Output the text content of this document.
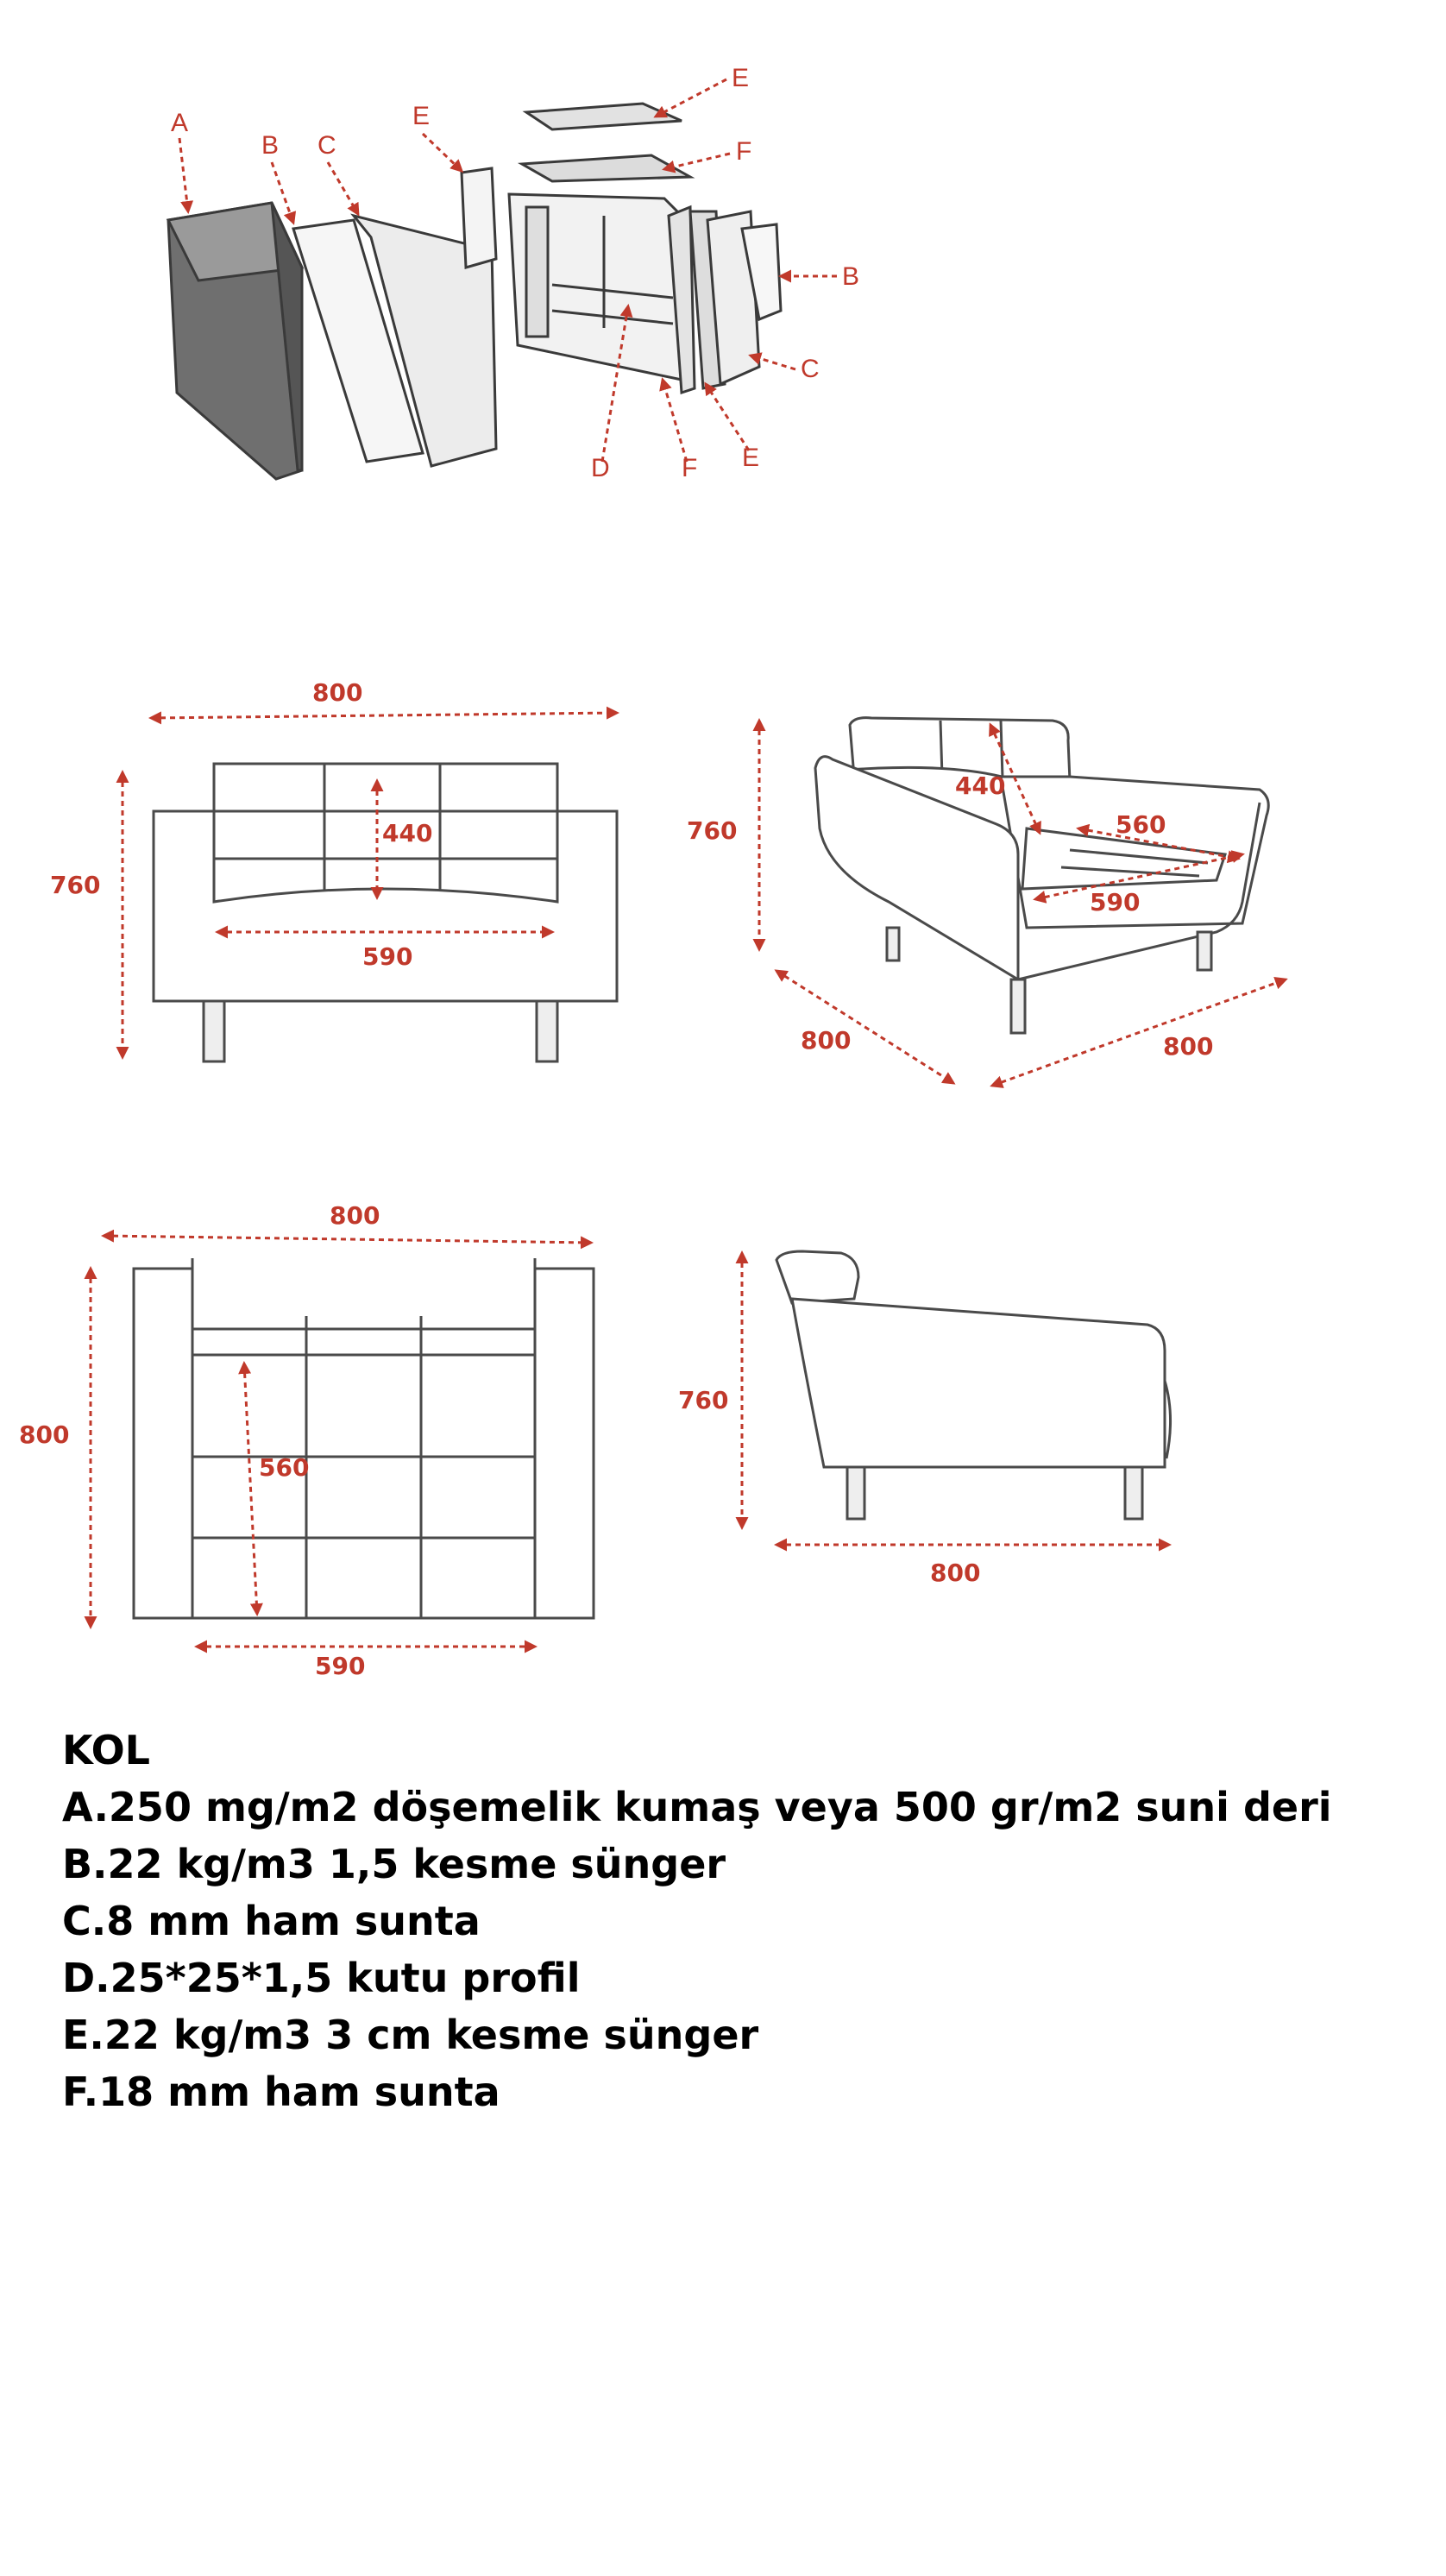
A
B C
E
E
F
B
C
D	F E
800
760
440
590
760
440
560
590
800	800
800
800
560
590
760
800
KOL
A.250 mg/m2 döşemelik kumaş veya 500 gr/m2 suni deri
B.22 kg/m3 1,5 kesme sünger
C.8 mm ham sunta
D.25*25*1,5 kutu profil
E.22 kg/m3 3 cm kesme sünger
F.18 mm ham sunta
